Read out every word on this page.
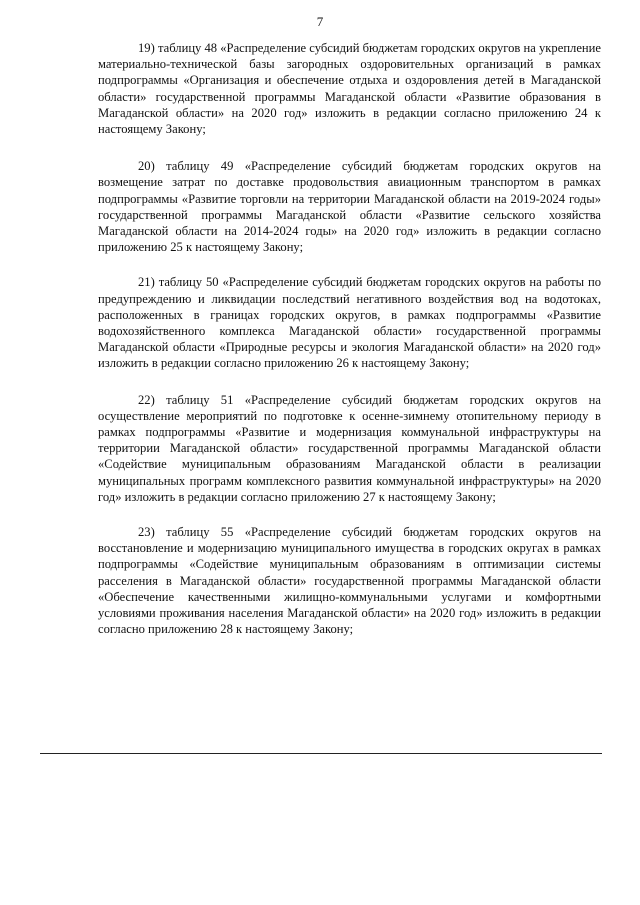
7

19) таблицу 48 «Распределение субсидий бюджетам городских округов на укрепление материально-технической базы загородных оздоровительных организаций в рамках подпрограммы «Организация и обеспечение отдыха и оздоровления детей в Магаданской области» государственной программы Магаданской области «Развитие образования в Магаданской области» на 2020 год» изложить в редакции согласно приложению 24 к настоящему Закону;

20) таблицу 49 «Распределение субсидий бюджетам городских округов на возмещение затрат по доставке продовольствия авиационным транспортом в рамках подпрограммы «Развитие торговли на территории Магаданской области на 2019-2024 годы» государственной программы Магаданской области «Развитие сельского хозяйства Магаданской области на 2014-2024 годы» на 2020 год» изложить в редакции согласно приложению 25 к настоящему Закону;

21) таблицу 50 «Распределение субсидий бюджетам городских округов на работы по предупреждению и ликвидации последствий негативного воздействия вод на водотоках, расположенных в границах городских округов, в рамках подпрограммы «Развитие водохозяйственного комплекса Магаданской области» государственной программы Магаданской области «Природные ресурсы и экология Магаданской области» на 2020 год» изложить в редакции согласно приложению 26 к настоящему Закону;

22) таблицу 51 «Распределение субсидий бюджетам городских округов на осуществление мероприятий по подготовке к осенне-зимнему отопительному периоду в рамках подпрограммы «Развитие и модернизация коммунальной инфраструктуры на территории Магаданской области» государственной программы Магаданской области «Содействие муниципальным образованиям Магаданской области в реализации муниципальных программ комплексного развития коммунальной инфраструктуры» на 2020 год» изложить в редакции согласно приложению 27 к настоящему Закону;

23) таблицу 55 «Распределение субсидий бюджетам городских округов на восстановление и модернизацию муниципального имущества в городских округах в рамках подпрограммы «Содействие муниципальным образованиям в оптимизации системы расселения в Магаданской области» государственной программы Магаданской области «Обеспечение качественными жилищно-коммунальными услугами и комфортными условиями проживания населения Магаданской области» на 2020 год» изложить в редакции согласно приложению 28 к настоящему Закону;
